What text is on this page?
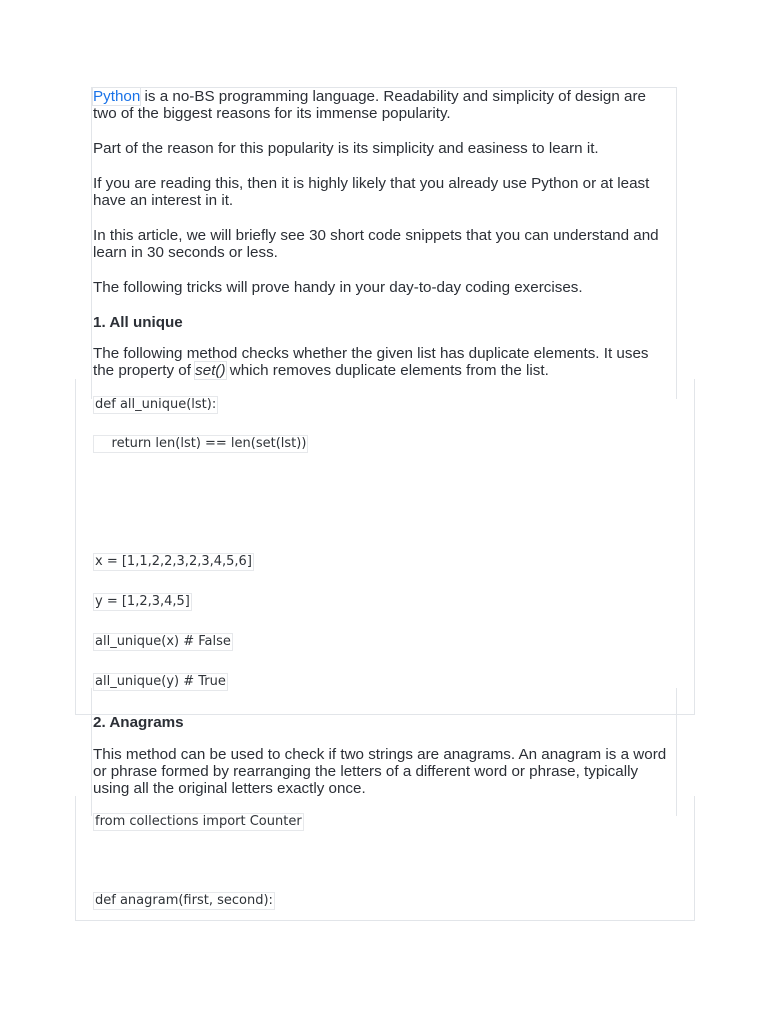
Python is a no-BS programming language. Readability and simplicity of design are two of the biggest reasons for its immense popularity.

Part of the reason for this popularity is its simplicity and easiness to learn it.

If you are reading this, then it is highly likely that you already use Python or at least have an interest in it.

In this article, we will briefly see 30 short code snippets that you can understand and learn in 30 seconds or less.

The following tricks will prove handy in your day-to-day coding exercises.

1. All unique

The following method checks whether the given list has duplicate elements. It uses the property of set() which removes duplicate elements from the list.

def all_unique(lst):
return len(lst) == len(set(lst))
x = [1,1,2,2,3,2,3,4,5,6]
y = [1,2,3,4,5]
all_unique(x) # False
all_unique(y) # True
2. Anagrams

This method can be used to check if two strings are anagrams. An anagram is a word or phrase formed by rearranging the letters of a different word or phrase, typically using all the original letters exactly once.

from collections import Counter
def anagram(first, second):
